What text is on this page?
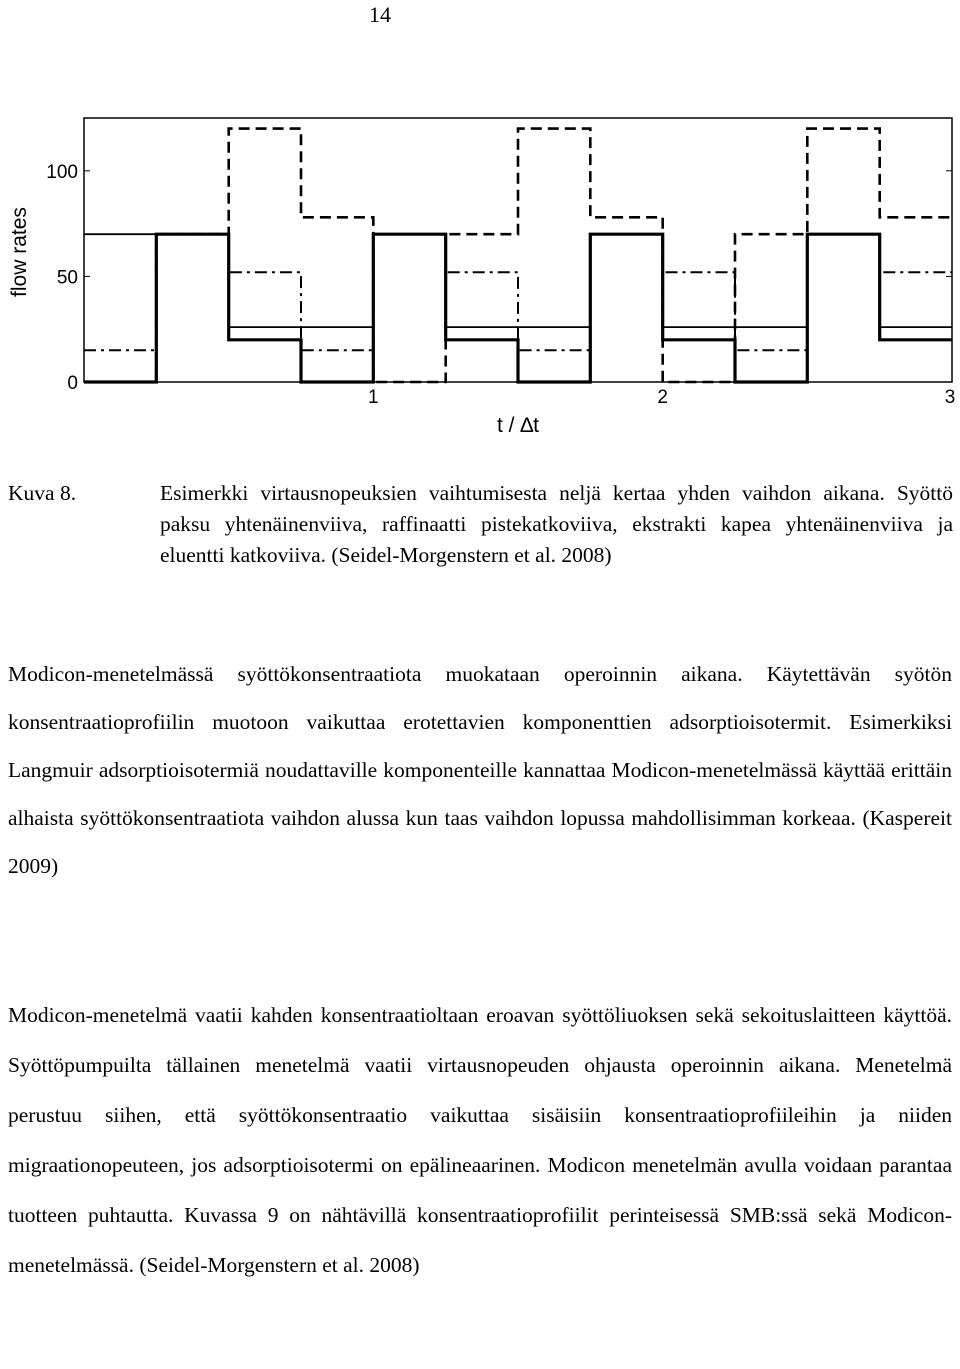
14
0
50
100
1	2	3
flow rates
t / ∆t
Kuva 8.	Esimerkki virtausnopeuksien vaihtumisesta neljä kertaa yhden vaihdon aikana. Syöttö paksu yhtenäinenviiva, raffinaatti pistekatkoviiva, ekstrakti kapea yhtenäinenviiva ja eluentti katkoviiva. (Seidel-Morgenstern et al. 2008)
Modicon-menetelmässä syöttökonsentraatiota muokataan operoinnin aikana. Käytettävän syötön konsentraatioprofiilin muotoon vaikuttaa erotettavien komponenttien adsorptioisotermit. Esimerkiksi Langmuir adsorptioisotermiä noudattaville komponenteille kannattaa Modicon-menetelmässä käyttää erittäin alhaista syöttökonsentraatiota vaihdon alussa kun taas vaihdon lopussa mahdollisimman korkeaa. (Kaspereit 2009)
Modicon-menetelmä vaatii kahden konsentraatioltaan eroavan syöttöliuoksen sekä sekoituslaitteen käyttöä. Syöttöpumpuilta tällainen menetelmä vaatii virtausnopeuden ohjausta operoinnin aikana. Menetelmä perustuu siihen, että syöttökonsentraatio vaikuttaa sisäisiin konsentraatioprofiileihin ja niiden migraationopeuteen, jos adsorptioisotermi on epälineaarinen. Modicon menetelmän avulla voidaan parantaa tuotteen puhtautta. Kuvassa 9 on nähtävillä konsentraatioprofiilit perinteisessä SMB:ssä sekä Modicon-menetelmässä. (Seidel-Morgenstern et al. 2008)
